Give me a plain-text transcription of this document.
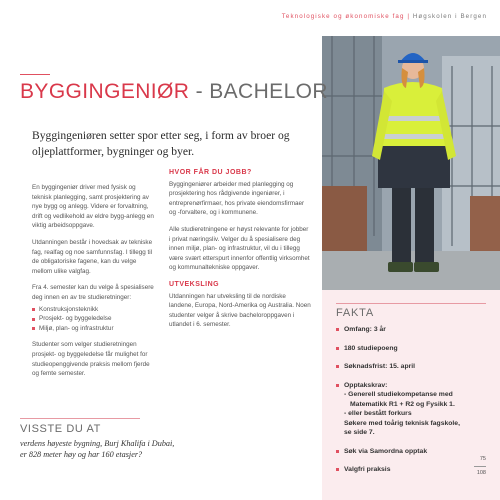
Teknologiske og økonomiske fag | Høgskolen i Bergen
BYGGINGENIØR - BACHELOR

Byggingeniøren setter spor etter seg, i form av broer og oljeplattformer, bygninger og byer.

En byggingeniør driver med fysisk og teknisk planlegging, samt prosjektering av nye bygg og anlegg. Videre er forvaltning, drift og vedlikehold av eldre bygg-anlegg en viktig arbeidsoppgave.

Utdanningen består i hovedsak av tekniske fag, realfag og noe samfunnsfag. I tillegg til de obligatoriske fagene, kan du velge mellom ulike valgfag.

Fra 4. semester kan du velge å spesialisere deg innen en av tre studieretninger:

Konstruksjonsteknikk
Prosjekt- og byggeledelse
Miljø, plan- og infrastruktur

Studenter som velger studieretningen prosjekt- og byggeledelse får mulighet for studieopenggivende praksis mellom fjerde og femte semester.

HVOR FÅR DU JOBB?

Byggingeniører arbeider med planlegging og prosjektering hos rådgivende ingeniører, i entreprenørfirmaer, hos private eiendomsfirmaer og -forvaltere, og i kommunene.

Alle studieretningene er høyst relevante for jobber i privat næringsliv. Velger du å spesialisere deg innen miljø, plan- og infrastruktur, vil du i tillegg være svært etterspurt innenfor offentlig virksomhet og kommunaltekniske oppgaver.

UTVEKSLING

Utdanningen har utveksling til de nordiske landene, Europa, Nord-Amerika og Australia. Noen studenter velger å skrive bacheloroppgaven i utlandet i 6. semester.

VISSTE DU AT

verdens høyeste bygning, Burj Khalifa i Dubai,
er 828 meter høy og har 160 etasjer?

FAKTA
Omfang: 3 år
180 studiepoeng
Søknadsfrist: 15. april
Opptakskrav:
- Generell studiekompetanse med
Matematikk R1 + R2 og Fysikk 1.
- eller bestått forkurs
Søkere med toårig teknisk fagskole,
se side 7.
Søk via Samordna opptak
Valgfri praksis
75
108
